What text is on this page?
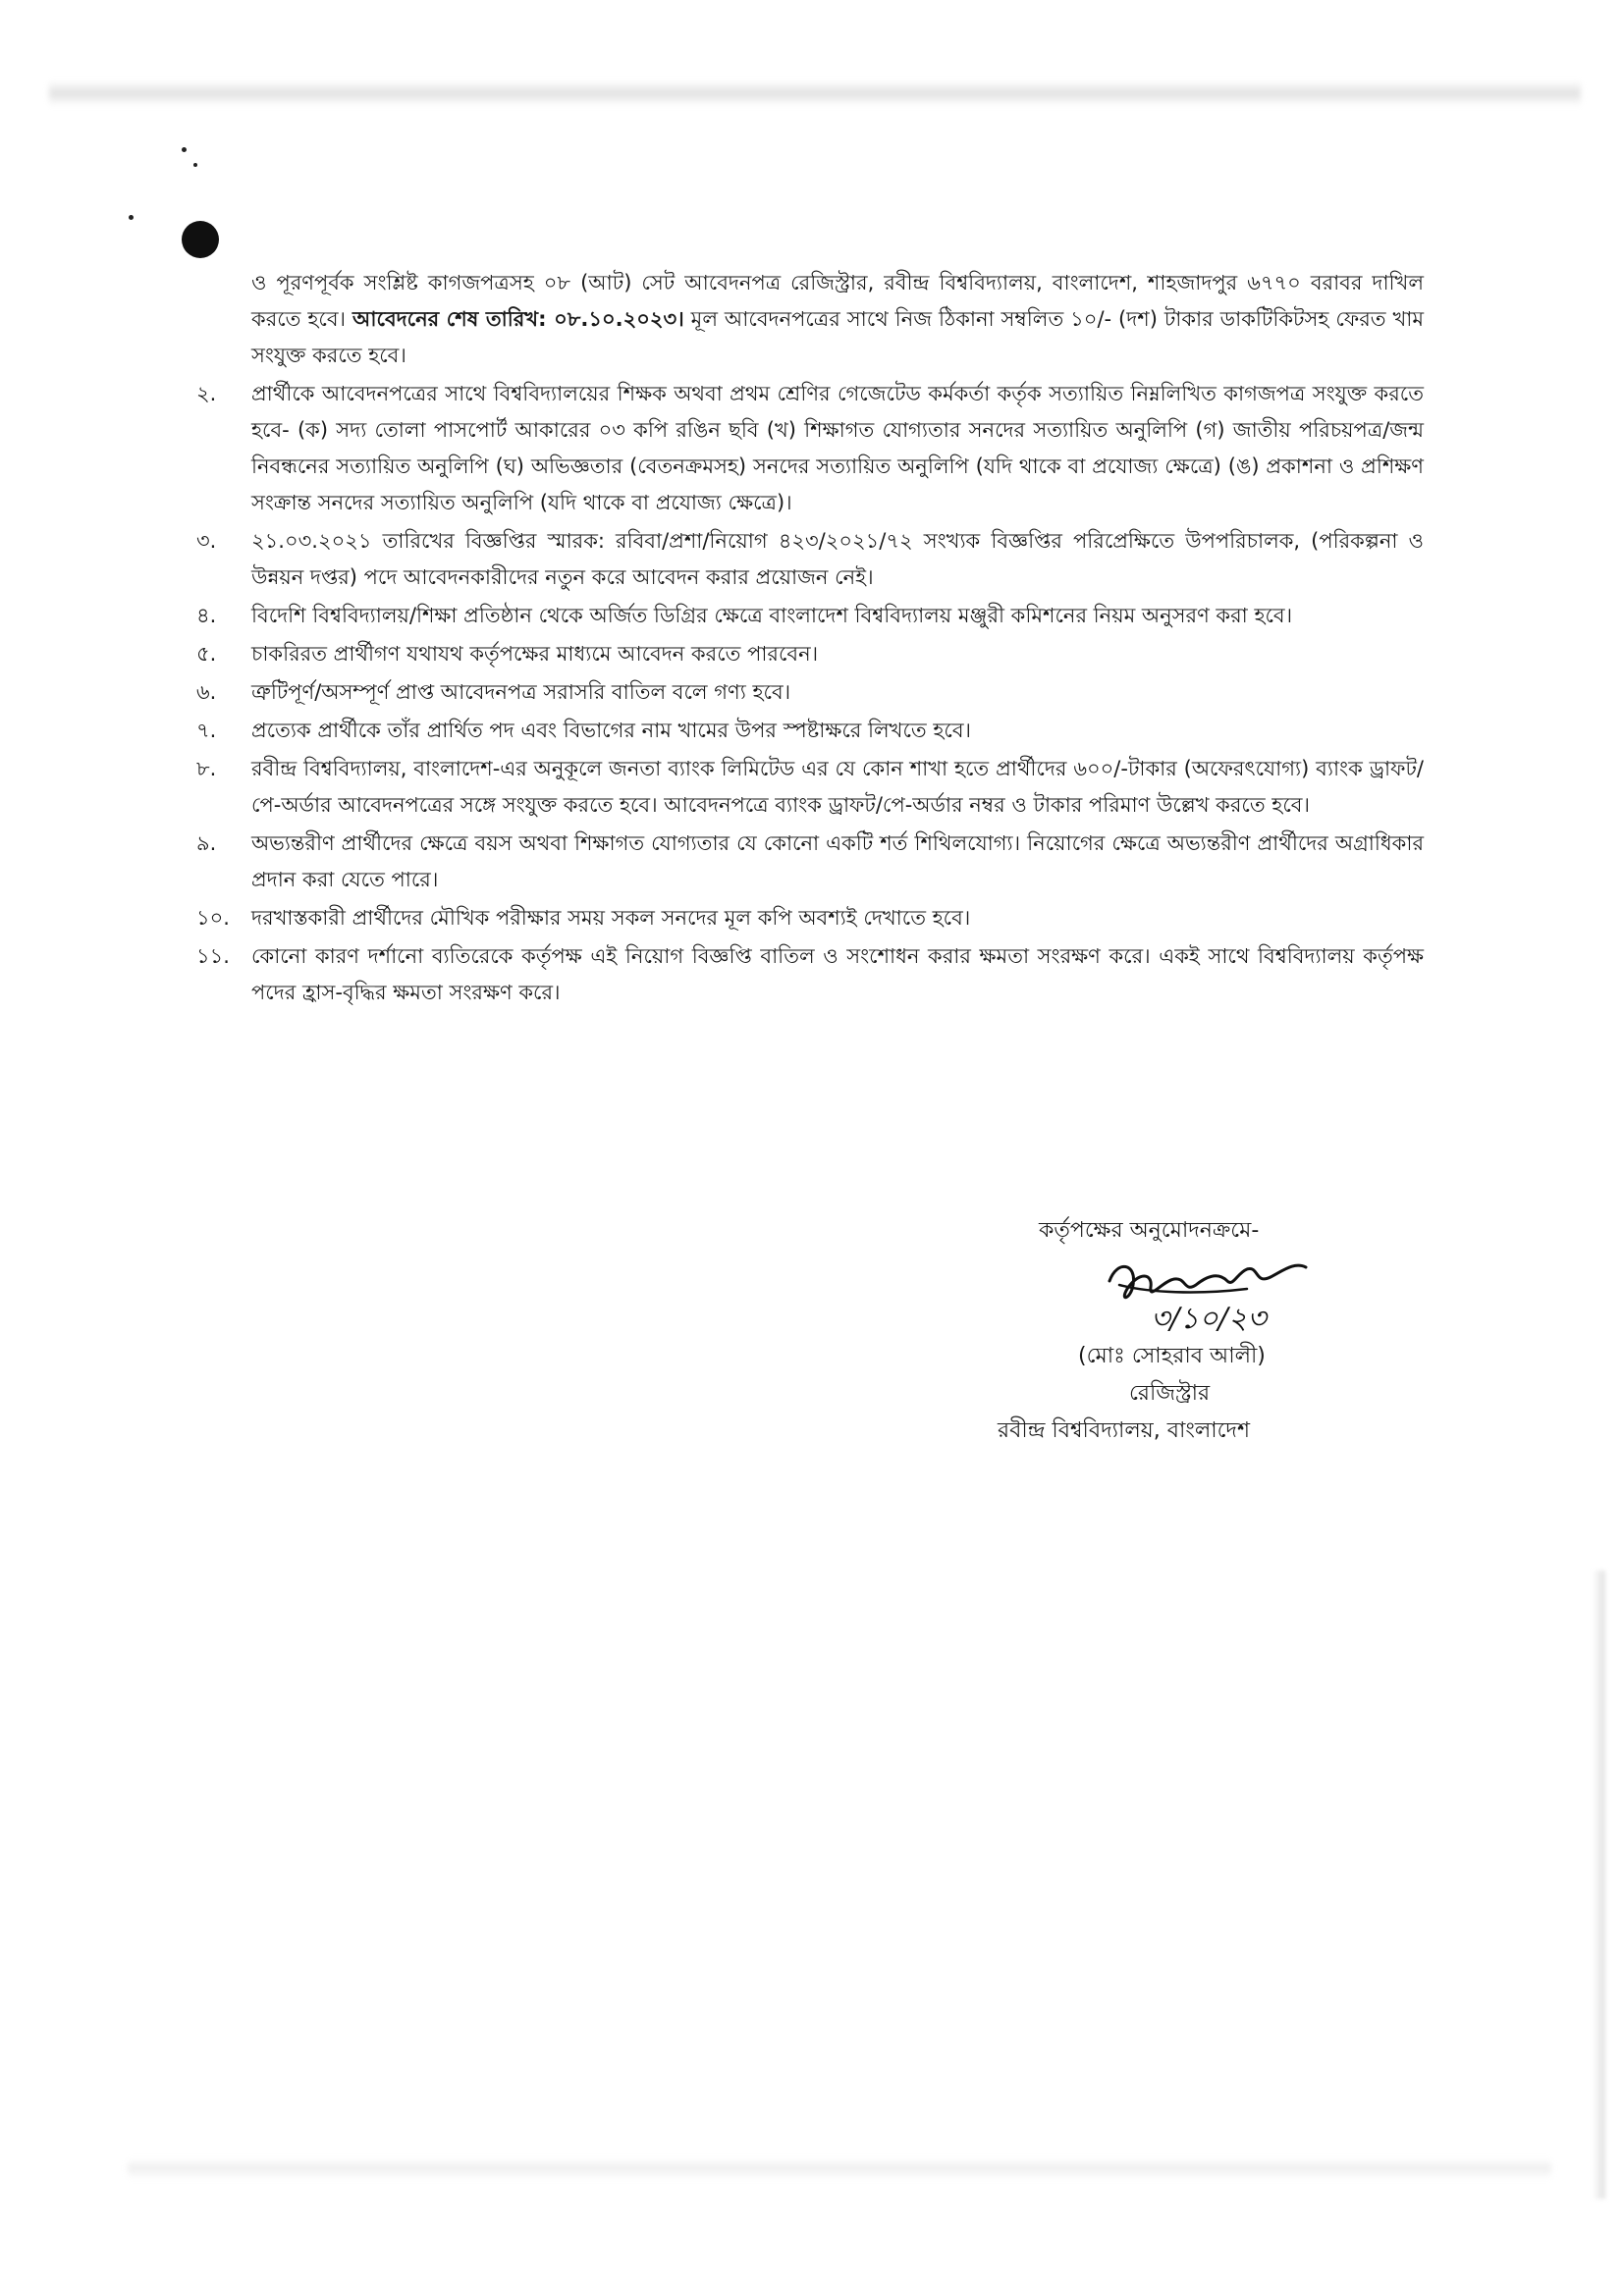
ও পূরণপূর্বক সংশ্লিষ্ট কাগজপত্রসহ ০৮ (আট) সেট আবেদনপত্র রেজিস্ট্রার, রবীন্দ্র বিশ্ববিদ্যালয়, বাংলাদেশ, শাহজাদপুর ৬৭৭০ বরাবর দাখিল করতে হবে। আবেদনের শেষ তারিখ: ০৮.১০.২০২৩। মূল আবেদনপত্রের সাথে নিজ ঠিকানা সম্বলিত ১০/- (দশ) টাকার ডাকটিকিটসহ ফেরত খাম সংযুক্ত করতে হবে।
২.	প্রার্থীকে আবেদনপত্রের সাথে বিশ্ববিদ্যালয়ের শিক্ষক অথবা প্রথম শ্রেণির গেজেটেড কর্মকর্তা কর্তৃক সত্যায়িত নিম্নলিখিত কাগজপত্র সংযুক্ত করতে হবে- (ক) সদ্য তোলা পাসপোর্ট আকারের ০৩ কপি রঙিন ছবি (খ) শিক্ষাগত যোগ্যতার সনদের সত্যায়িত অনুলিপি (গ) জাতীয় পরিচয়পত্র/জন্ম নিবন্ধনের সত্যায়িত অনুলিপি (ঘ) অভিজ্ঞতার (বেতনক্রমসহ) সনদের সত্যায়িত অনুলিপি (যদি থাকে বা প্রযোজ্য ক্ষেত্রে) (ঙ) প্রকাশনা ও প্রশিক্ষণ সংক্রান্ত সনদের সত্যায়িত অনুলিপি (যদি থাকে বা প্রযোজ্য ক্ষেত্রে)।
৩.	২১.০৩.২০২১ তারিখের বিজ্ঞপ্তির স্মারক: রবিবা/প্রশা/নিয়োগ ৪২৩/২০২১/৭২ সংখ্যক বিজ্ঞপ্তির পরিপ্রেক্ষিতে উপপরিচালক, (পরিকল্পনা ও উন্নয়ন দপ্তর) পদে আবেদনকারীদের নতুন করে আবেদন করার প্রয়োজন নেই।
৪.	বিদেশি বিশ্ববিদ্যালয়/শিক্ষা প্রতিষ্ঠান থেকে অর্জিত ডিগ্রির ক্ষেত্রে বাংলাদেশ বিশ্ববিদ্যালয় মঞ্জুরী কমিশনের নিয়ম অনুসরণ করা হবে।
৫.	চাকরিরত প্রার্থীগণ যথাযথ কর্তৃপক্ষের মাধ্যমে আবেদন করতে পারবেন।
৬.	ত্রুটিপূর্ণ/অসম্পূর্ণ প্রাপ্ত আবেদনপত্র সরাসরি বাতিল বলে গণ্য হবে।
৭.	প্রত্যেক প্রার্থীকে তাঁর প্রার্থিত পদ এবং বিভাগের নাম খামের উপর স্পষ্টাক্ষরে লিখতে হবে।
৮.	রবীন্দ্র বিশ্ববিদ্যালয়, বাংলাদেশ-এর অনুকূলে জনতা ব্যাংক লিমিটেড এর যে কোন শাখা হতে প্রার্থীদের ৬০০/-টাকার (অফেরৎযোগ্য) ব্যাংক ড্রাফট/পে-অর্ডার আবেদনপত্রের সঙ্গে সংযুক্ত করতে হবে। আবেদনপত্রে ব্যাংক ড্রাফট/পে-অর্ডার নম্বর ও টাকার পরিমাণ উল্লেখ করতে হবে।
৯.	অভ্যন্তরীণ প্রার্থীদের ক্ষেত্রে বয়স অথবা শিক্ষাগত যোগ্যতার যে কোনো একটি শর্ত শিথিলযোগ্য। নিয়োগের ক্ষেত্রে অভ্যন্তরীণ প্রার্থীদের অগ্রাধিকার প্রদান করা যেতে পারে।
১০.	দরখাস্তকারী প্রার্থীদের মৌখিক পরীক্ষার সময় সকল সনদের মূল কপি অবশ্যই দেখাতে হবে।
১১.	কোনো কারণ দর্শানো ব্যতিরেকে কর্তৃপক্ষ এই নিয়োগ বিজ্ঞপ্তি বাতিল ও সংশোধন করার ক্ষমতা সংরক্ষণ করে। একই সাথে বিশ্ববিদ্যালয় কর্তৃপক্ষ পদের হ্রাস-বৃদ্ধির ক্ষমতা সংরক্ষণ করে।
কর্তৃপক্ষের অনুমোদনক্রমে-
৩/১০/২৩
(মোঃ সোহরাব আলী)
রেজিস্ট্রার
রবীন্দ্র বিশ্ববিদ্যালয়, বাংলাদেশ
